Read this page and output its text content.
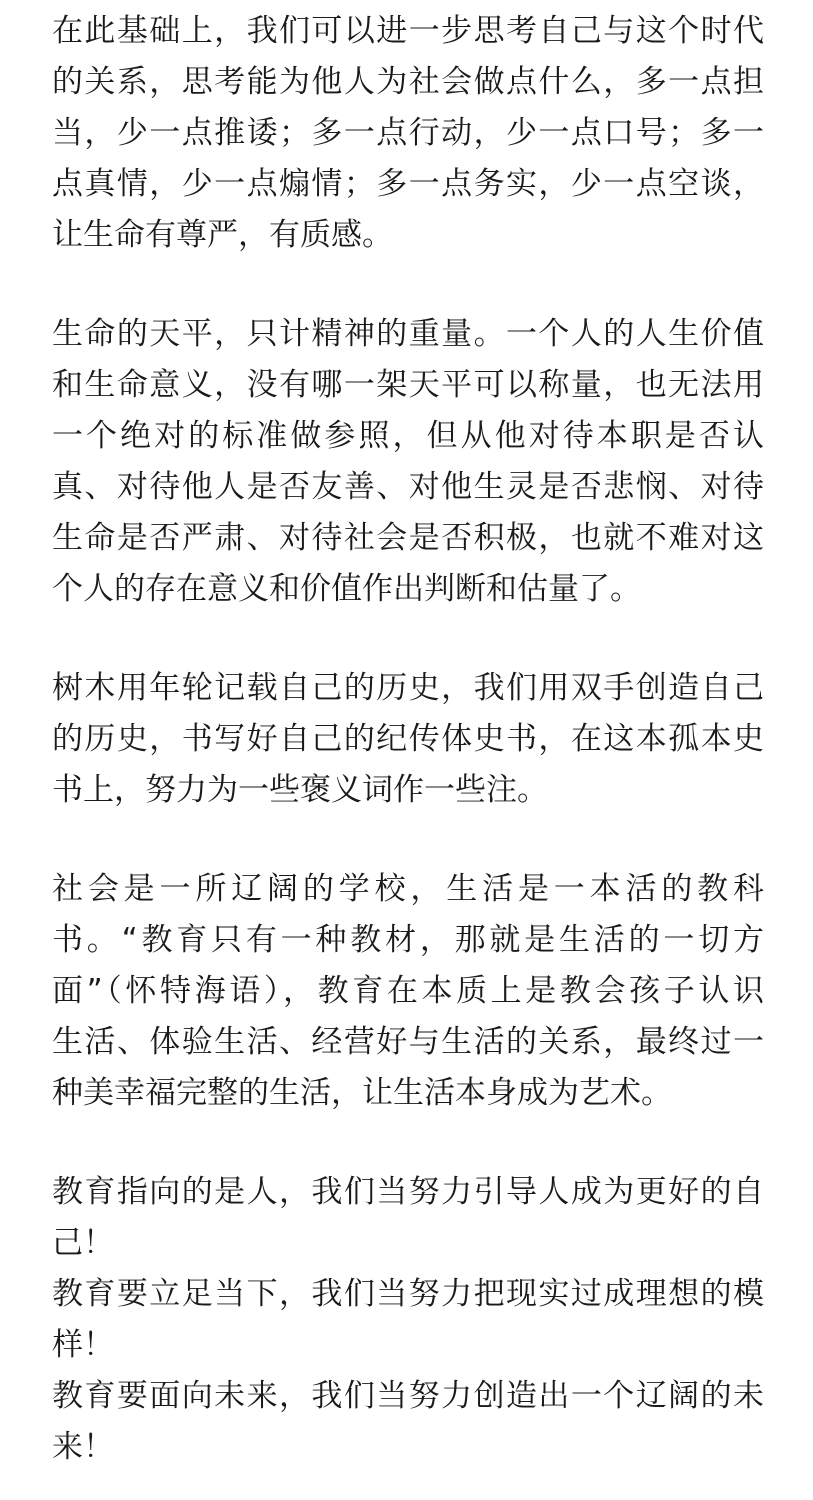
在此基础上，我们可以进一步思考自己与这个时代
的关系，思考能为他人为社会做点什么，多一点担
当，少一点推诿；多一点行动，少一点口号；多一
点真情，少一点煽情；多一点务实，少一点空谈，
让生命有尊严，有质感。
生命的天平，只计精神的重量。一个人的人生价值
和生命意义，没有哪一架天平可以称量，也无法用
一个绝对的标准做参照，但从他对待本职是否认
真、对待他人是否友善、对他生灵是否悲悯、对待
生命是否严肃、对待社会是否积极，也就不难对这
个人的存在意义和价值作出判断和估量了。
树木用年轮记载自己的历史，我们用双手创造自己
的历史，书写好自己的纪传体史书，在这本孤本史
书上，努力为一些褒义词作一些注。
社会是一所辽阔的学校，生活是一本活的教科
书。“教育只有一种教材，那就是生活的一切方
面”（怀特海语），教育在本质上是教会孩子认识
生活、体验生活、经营好与生活的关系，最终过一
种美幸福完整的生活，让生活本身成为艺术。
教育指向的是人，我们当努力引导人成为更好的自
己！
教育要立足当下，我们当努力把现实过成理想的模
样！
教育要面向未来，我们当努力创造出一个辽阔的未
来！
